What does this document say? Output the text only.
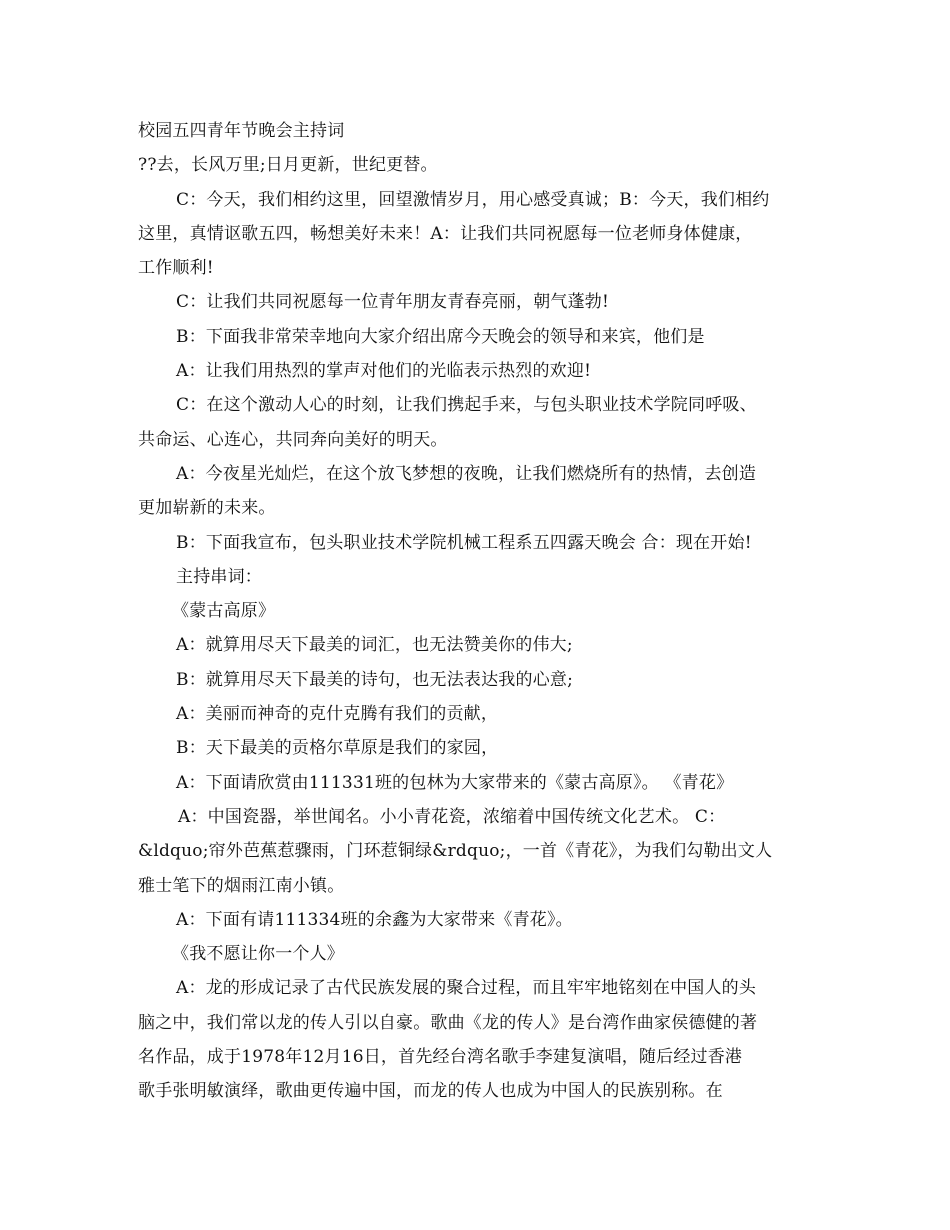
校园五四青年节晚会主持词
??去，长风万里;日月更新，世纪更替。
C：今天，我们相约这里，回望激情岁月，用心感受真诚；B：今天，我们相约
这里，真情讴歌五四，畅想美好未来！A：让我们共同祝愿每一位老师身体健康，
工作顺利!
C：让我们共同祝愿每一位青年朋友青春亮丽，朝气蓬勃!
B：下面我非常荣幸地向大家介绍出席今天晚会的领导和来宾，他们是
A：让我们用热烈的掌声对他们的光临表示热烈的欢迎!
C：在这个激动人心的时刻，让我们携起手来，与包头职业技术学院同呼吸、
共命运、心连心，共同奔向美好的明天。
A：今夜星光灿烂，在这个放飞梦想的夜晚，让我们燃烧所有的热情，去创造
更加崭新的未来。
B：下面我宣布，包头职业技术学院机械工程系五四露天晚会 合：现在开始!
主持串词：
《蒙古高原》
A：就算用尽天下最美的词汇，也无法赞美你的伟大;
B：就算用尽天下最美的诗句，也无法表达我的心意;
A：美丽而神奇的克什克腾有我们的贡献，
B：天下最美的贡格尔草原是我们的家园，
A：下面请欣赏由111331班的包林为大家带来的《蒙古高原》。 《青花》
A：中国瓷器，举世闻名。小小青花瓷，浓缩着中国传统文化艺术。 C：
&ldquo;帘外芭蕉惹骤雨，门环惹铜绿&rdquo;，一首《青花》，为我们勾勒出文人
雅士笔下的烟雨江南小镇。
A：下面有请111334班的余鑫为大家带来《青花》。
《我不愿让你一个人》
A：龙的形成记录了古代民族发展的聚合过程，而且牢牢地铭刻在中国人的头
脑之中，我们常以龙的传人引以自豪。歌曲《龙的传人》是台湾作曲家侯德健的著
名作品，成于1978年12月16日，首先经台湾名歌手李建复演唱，随后经过香港
歌手张明敏演绎，歌曲更传遍中国，而龙的传人也成为中国人的民族别称。在
